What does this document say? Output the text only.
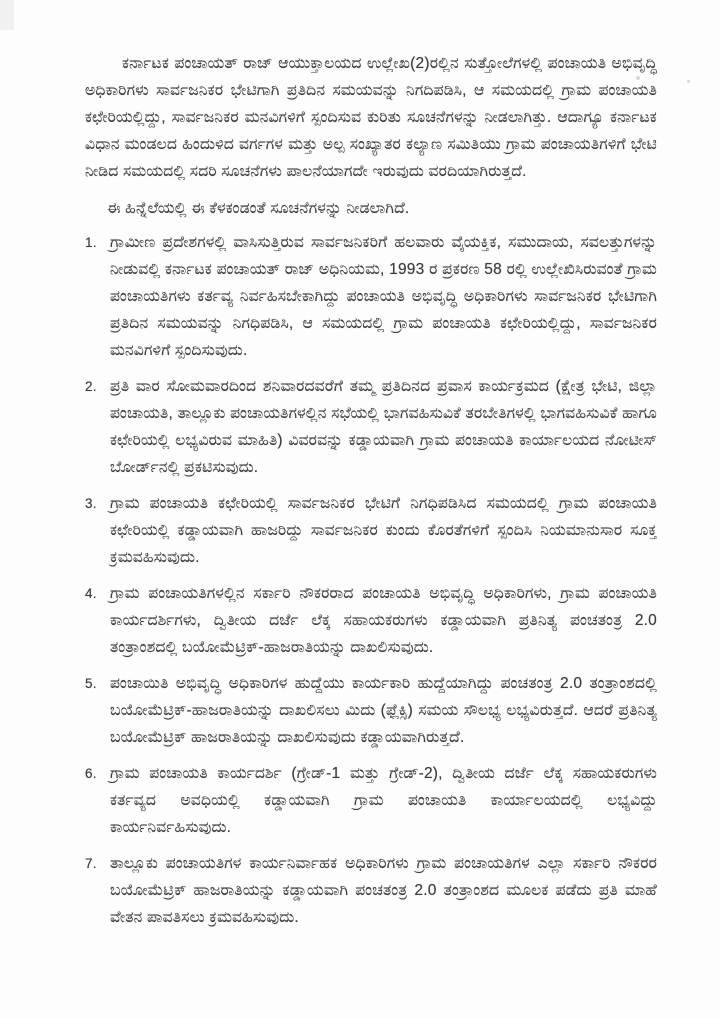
ಕರ್ನಾಟಕ ಪಂಚಾಯತ್ ರಾಜ್ ಆಯುಕ್ತಾಲಯದ ಉಲ್ಲೇಖ(2)ರಲ್ಲಿನ ಸುತ್ತೋಲೆಗಳಲ್ಲಿ ಪಂಚಾಯತಿ ಅಭಿವೃದ್ಧಿ ಅಧಿಕಾರಿಗಳು ಸಾರ್ವಜನಿಕರ ಭೇಟಿಗಾಗಿ ಪ್ರತಿದಿನ ಸಮಯವನ್ನು ನಿಗದಿಪಡಿಸಿ, ಆ ಸಮಯದಲ್ಲಿ ಗ್ರಾಮ ಪಂಚಾಯತಿ ಕಛೇರಿಯಲ್ಲಿದ್ದು, ಸಾರ್ವಜನಿಕರ ಮನವಿಗಳಿಗೆ ಸ್ಪಂದಿಸುವ ಕುರಿತು ಸೂಚನೆಗಳನ್ನು ನೀಡಲಾಗಿತ್ತು. ಆದಾಗ್ಯೂ ಕರ್ನಾಟಕ ವಿಧಾನ ಮಂಡಲದ ಹಿಂದುಳಿದ ವರ್ಗಗಳ ಮತ್ತು ಅಲ್ಪ ಸಂಖ್ಯಾತರ ಕಲ್ಯಾಣ ಸಮಿತಿಯು ಗ್ರಾಮ ಪಂಚಾಯತಿಗಳಿಗೆ ಭೇಟಿ ನೀಡಿದ ಸಮಯದಲ್ಲಿ ಸದರಿ ಸೂಚನೆಗಳು ಪಾಲನೆಯಾಗದೇ ಇರುವುದು ವರದಿಯಾಗಿರುತ್ತದೆ.

ಈ ಹಿನ್ನೆಲೆಯಲ್ಲಿ ಈ ಕೆಳಕಂಡಂತೆ ಸೂಚನೆಗಳನ್ನು ನೀಡಲಾಗಿದೆ.

1. ಗ್ರಾಮೀಣ ಪ್ರದೇಶಗಳಲ್ಲಿ ವಾಸಿಸುತ್ತಿರುವ ಸಾರ್ವಜನಿಕರಿಗೆ ಹಲವಾರು ವೈಯಕ್ತಿಕ, ಸಮುದಾಯ, ಸವಲತ್ತುಗಳನ್ನು ನೀಡುವಲ್ಲಿ ಕರ್ನಾಟಕ ಪಂಚಾಯತ್ ರಾಜ್ ಅಧಿನಿಯಮ, 1993 ರ ಪ್ರಕರಣ 58 ರಲ್ಲಿ ಉಲ್ಲೇಖಿಸಿರುವಂತೆ ಗ್ರಾಮ ಪಂಚಾಯತಿಗಳು ಕರ್ತವ್ಯ ನಿರ್ವಹಿಸಬೇಕಾಗಿದ್ದು ಪಂಚಾಯತಿ ಅಭಿವೃದ್ಧಿ ಅಧಿಕಾರಿಗಳು ಸಾರ್ವಜನಿಕರ ಭೇಟಿಗಾಗಿ ಪ್ರತಿದಿನ ಸಮಯವನ್ನು ನಿಗಧಿಪಡಿಸಿ, ಆ ಸಮಯದಲ್ಲಿ ಗ್ರಾಮ ಪಂಚಾಯತಿ ಕಛೇರಿಯಲ್ಲಿದ್ದು, ಸಾರ್ವಜನಿಕರ ಮನವಿಗಳಿಗೆ ಸ್ಪಂದಿಸುವುದು.
2. ಪ್ರತಿ ವಾರ ಸೋಮವಾರದಿಂದ ಶನಿವಾರದವರೆಗೆ ತಮ್ಮ ಪ್ರತಿದಿನದ ಪ್ರವಾಸ ಕಾರ್ಯಕ್ರಮದ (ಕ್ಷೇತ್ರ ಭೇಟಿ, ಜಿಲ್ಲಾ ಪಂಚಾಯತಿ, ತಾಲ್ಲೂಕು ಪಂಚಾಯತಿಗಳಲ್ಲಿನ ಸಭೆಯಲ್ಲಿ ಭಾಗವಹಿಸುವಿಕೆ ತರಬೇತಿಗಳಲ್ಲಿ ಭಾಗವಹಿಸುವಿಕೆ ಹಾಗೂ ಕಛೇರಿಯಲ್ಲಿ ಲಭ್ಯವಿರುವ ಮಾಹಿತಿ) ವಿವರವನ್ನು ಕಡ್ಡಾಯವಾಗಿ ಗ್ರಾಮ ಪಂಚಾಯತಿ ಕಾರ್ಯಾಲಯದ ನೋಟೀಸ್ ಬೋರ್ಡ್‌ನಲ್ಲಿ ಪ್ರಕಟಿಸುವುದು.
3. ಗ್ರಾಮ ಪಂಚಾಯತಿ ಕಛೇರಿಯಲ್ಲಿ ಸಾರ್ವಜನಿಕರ ಭೇಟಿಗೆ ನಿಗಧಿಪಡಿಸಿದ ಸಮಯದಲ್ಲಿ ಗ್ರಾಮ ಪಂಚಾಯತಿ ಕಛೇರಿಯಲ್ಲಿ ಕಡ್ಡಾಯವಾಗಿ ಹಾಜರಿದ್ದು ಸಾರ್ವಜನಿಕರ ಕುಂದು ಕೊರತೆಗಳಿಗೆ ಸ್ಪಂದಿಸಿ ನಿಯಮಾನುಸಾರ ಸೂಕ್ತ ಕ್ರಮವಹಿಸುವುದು.
4. ಗ್ರಾಮ ಪಂಚಾಯತಿಗಳಲ್ಲಿನ ಸರ್ಕಾರಿ ನೌಕರರಾದ ಪಂಚಾಯತಿ ಅಭಿವೃದ್ಧಿ ಅಧಿಕಾರಿಗಳು, ಗ್ರಾಮ ಪಂಚಾಯತಿ ಕಾರ್ಯದರ್ಶಿಗಳು, ದ್ವಿತೀಯ ದರ್ಜೆ ಲೆಕ್ಕ ಸಹಾಯಕರುಗಳು ಕಡ್ಡಾಯವಾಗಿ ಪ್ರತಿನಿತ್ಯ ಪಂಚತಂತ್ರ 2.0 ತಂತ್ರಾಂಶದಲ್ಲಿ ಬಯೋಮೆಟ್ರಿಕ್-ಹಾಜರಾತಿಯನ್ನು ದಾಖಲಿಸುವುದು.
5. ಪಂಚಾಯಿತಿ ಅಭಿವೃದ್ಧಿ ಅಧಿಕಾರಿಗಳ ಹುದ್ದೆಯು ಕಾರ್ಯಕಾರಿ ಹುದ್ದೆಯಾಗಿದ್ದು ಪಂಚತಂತ್ರ 2.0 ತಂತ್ರಾಂಶದಲ್ಲಿ ಬಯೋಮೆಟ್ರಿಕ್-ಹಾಜರಾತಿಯನ್ನು ದಾಖಲಿಸಲು ಮಿದು (ಫ್ಲೆಕ್ಸಿ) ಸಮಯ ಸೌಲಭ್ಯ ಲಭ್ಯವಿರುತ್ತದೆ. ಆದರೆ ಪ್ರತಿನಿತ್ಯ ಬಯೋಮೆಟ್ರಿಕ್ ಹಾಜರಾತಿಯನ್ನು ದಾಖಲಿಸುವುದು ಕಡ್ಡಾಯವಾಗಿರುತ್ತದೆ.
6. ಗ್ರಾಮ ಪಂಚಾಯತಿ ಕಾರ್ಯದರ್ಶಿ (ಗ್ರೇಡ್-1 ಮತ್ತು ಗ್ರೇಡ್-2), ದ್ವಿತೀಯ ದರ್ಜೆ ಲೆಕ್ಕ ಸಹಾಯಕರುಗಳು ಕರ್ತವ್ಯದ ಅವಧಿಯಲ್ಲಿ ಕಡ್ಡಾಯವಾಗಿ ಗ್ರಾಮ ಪಂಚಾಯತಿ ಕಾರ್ಯಾಲಯದಲ್ಲಿ ಲಭ್ಯವಿದ್ದು ಕಾರ್ಯನಿರ್ವಹಿಸುವುದು.
7. ತಾಲ್ಲೂಕು ಪಂಚಾಯತಿಗಳ ಕಾರ್ಯನಿರ್ವಾಹಕ ಅಧಿಕಾರಿಗಳು ಗ್ರಾಮ ಪಂಚಾಯತಿಗಳ ಎಲ್ಲಾ ಸರ್ಕಾರಿ ನೌಕರರ ಬಯೋಮೆಟ್ರಿಕ್ ಹಾಜರಾತಿಯನ್ನು ಕಡ್ಡಾಯವಾಗಿ ಪಂಚತಂತ್ರ 2.0 ತಂತ್ರಾಂಶದ ಮೂಲಕ ಪಡೆದು ಪ್ರತಿ ಮಾಹೆ ವೇತನ ಪಾವತಿಸಲು ಕ್ರಮವಹಿಸುವುದು.
